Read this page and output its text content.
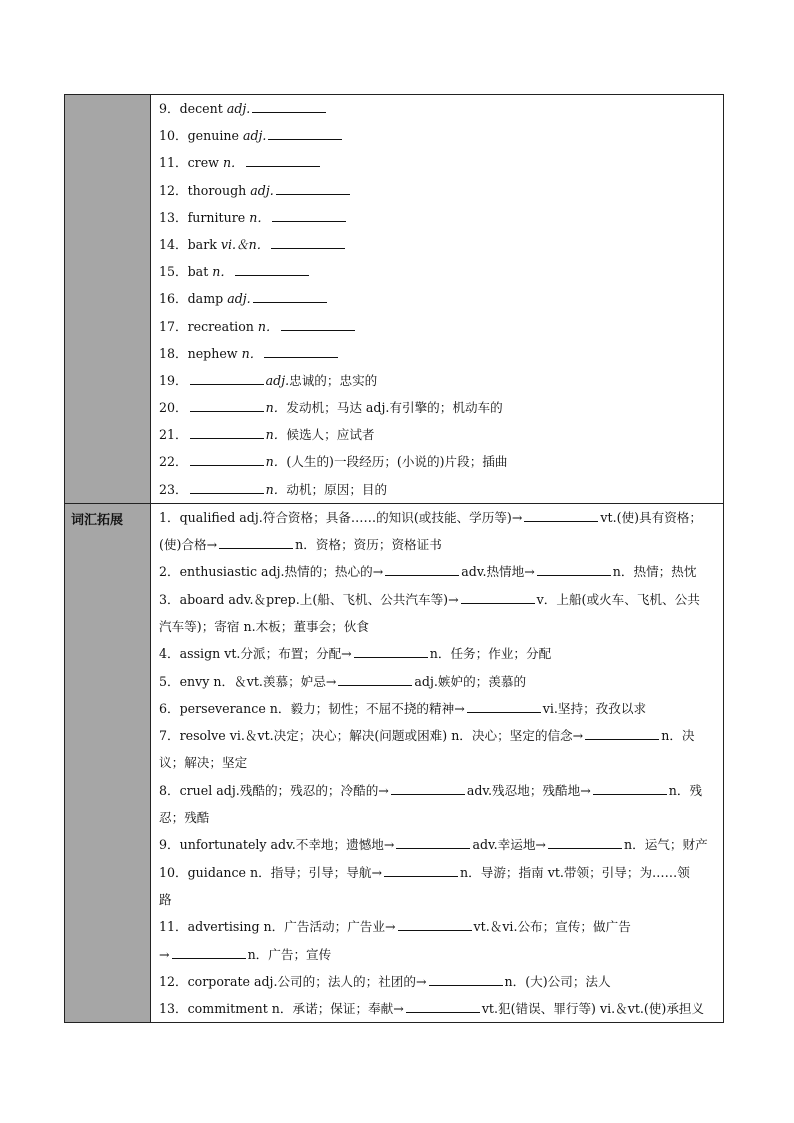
9．decent adj.
10．genuine adj.
11．crew n．
12．thorough adj.
13．furniture n．
14．bark vi.＆n．
15．bat n．
16．damp adj.
17．recreation n．
18．nephew n．
19．	adj.忠诚的；忠实的
20．	n．发动机；马达 adj.有引擎的；机动车的
21．	n．候选人；应试者
22．	n．(人生的)一段经历；(小说的)片段；插曲
23．	n．动机；原因；目的
词汇拓展	1．qualified adj.符合资格；具备……的知识(或技能、学历等)→	vt.(使)具有资格；
(使)合格→	n．资格；资历；资格证书
2．enthusiastic adj.热情的；热心的→	adv.热情地→	n．热情；热忱
3．aboard adv.＆prep.上(船、飞机、公共汽车等)→	v．上船(或火车、飞机、公共
汽车等)；寄宿 n.木板；董事会；伙食
4．assign vt.分派；布置；分配→	n．任务；作业；分配
5．envy n．＆vt.羡慕；妒忌→	adj.嫉妒的；羡慕的
6．perseverance n．毅力；韧性；不屈不挠的精神→	vi.坚持；孜孜以求
7．resolve vi.＆vt.决定；决心；解决(问题或困难) n．决心；坚定的信念→	n．决
议；解决；坚定
8．cruel adj.残酷的；残忍的；冷酷的→	adv.残忍地；残酷地→	n．残
忍；残酷
9．unfortunately adv.不幸地；遗憾地→	adv.幸运地→	n．运气；财产
10．guidance n．指导；引导；导航→	n．导游；指南 vt.带领；引导；为……领
路
11．advertising n．广告活动；广告业→	vt.＆vi.公布；宣传；做广告
→	n．广告；宣传
12．corporate adj.公司的；法人的；社团的→	n．(大)公司；法人
13．commitment n．承诺；保证；奉献→	vt.犯(错误、罪行等) vi.＆vt.(使)承担义
